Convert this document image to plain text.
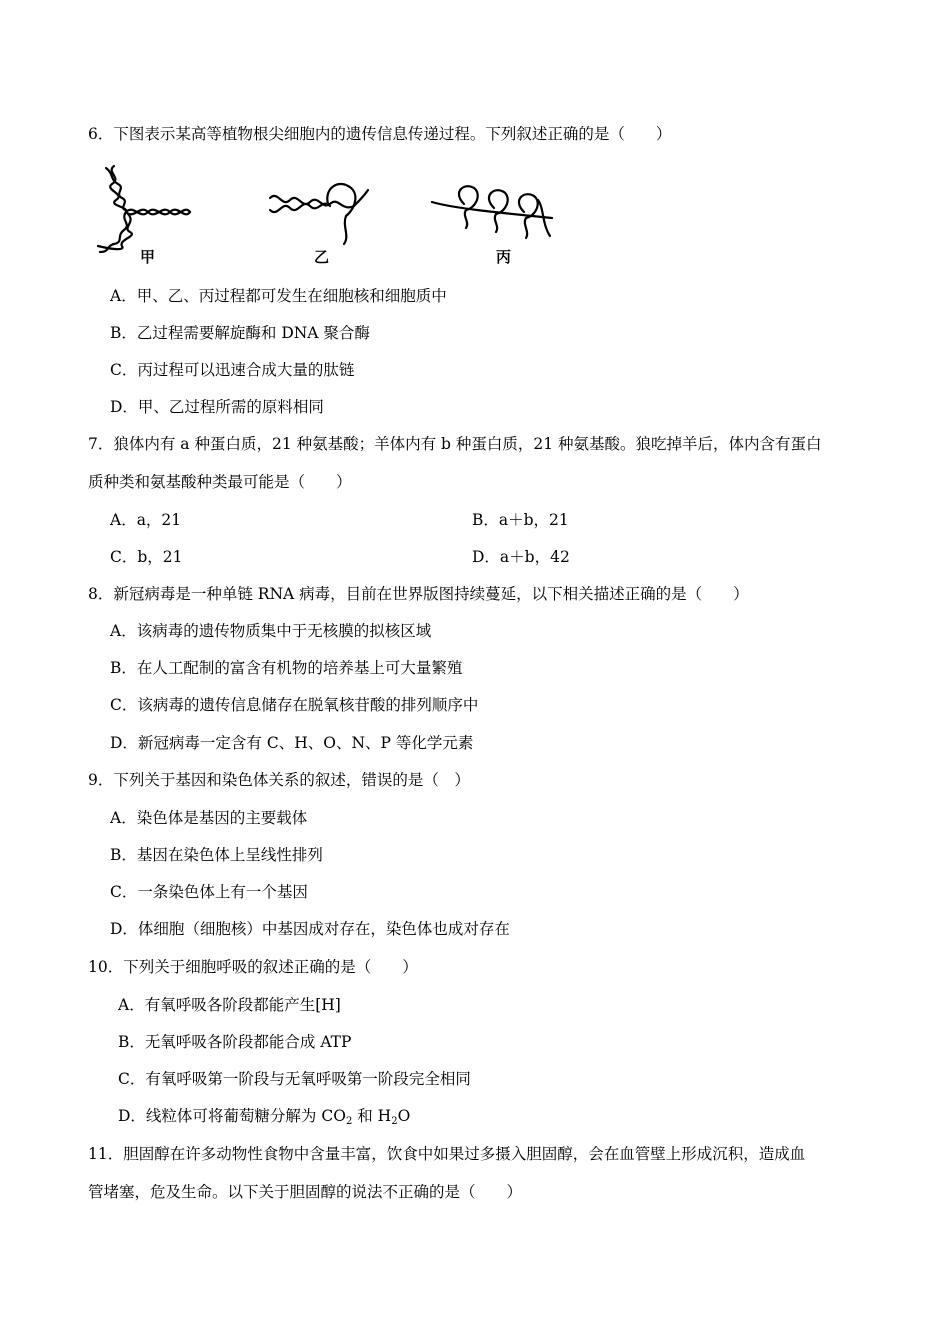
6．下图表示某高等植物根尖细胞内的遗传信息传递过程。下列叙述正确的是（　　）
甲	乙	丙
A．甲、乙、丙过程都可发生在细胞核和细胞质中
B．乙过程需要解旋酶和 DNA 聚合酶
C．丙过程可以迅速合成大量的肽链
D．甲、乙过程所需的原料相同
7．狼体内有 a 种蛋白质，21 种氨基酸；羊体内有 b 种蛋白质，21 种氨基酸。狼吃掉羊后，体内含有蛋白
质种类和氨基酸种类最可能是（　　）
A．a，21	B．a＋b，21
C．b，21	D．a＋b，42
8．新冠病毒是一种单链 RNA 病毒，目前在世界版图持续蔓延，以下相关描述正确的是（　　）
A．该病毒的遗传物质集中于无核膜的拟核区域
B．在人工配制的富含有机物的培养基上可大量繁殖
C．该病毒的遗传信息储存在脱氧核苷酸的排列顺序中
D．新冠病毒一定含有 C、H、O、N、P 等化学元素
9．下列关于基因和染色体关系的叙述，错误的是（　）
A．染色体是基因的主要载体
B．基因在染色体上呈线性排列
C．一条染色体上有一个基因
D．体细胞（细胞核）中基因成对存在，染色体也成对存在
10．下列关于细胞呼吸的叙述正确的是（　　）
A．有氧呼吸各阶段都能产生[H]
B．无氧呼吸各阶段都能合成 ATP
C．有氧呼吸第一阶段与无氧呼吸第一阶段完全相同
D．线粒体可将葡萄糖分解为 $CO_2$ 和 $H_2O$
11．胆固醇在许多动物性食物中含量丰富，饮食中如果过多摄入胆固醇，会在血管壁上形成沉积，造成血
管堵塞，危及生命。以下关于胆固醇的说法不正确的是（　　）
